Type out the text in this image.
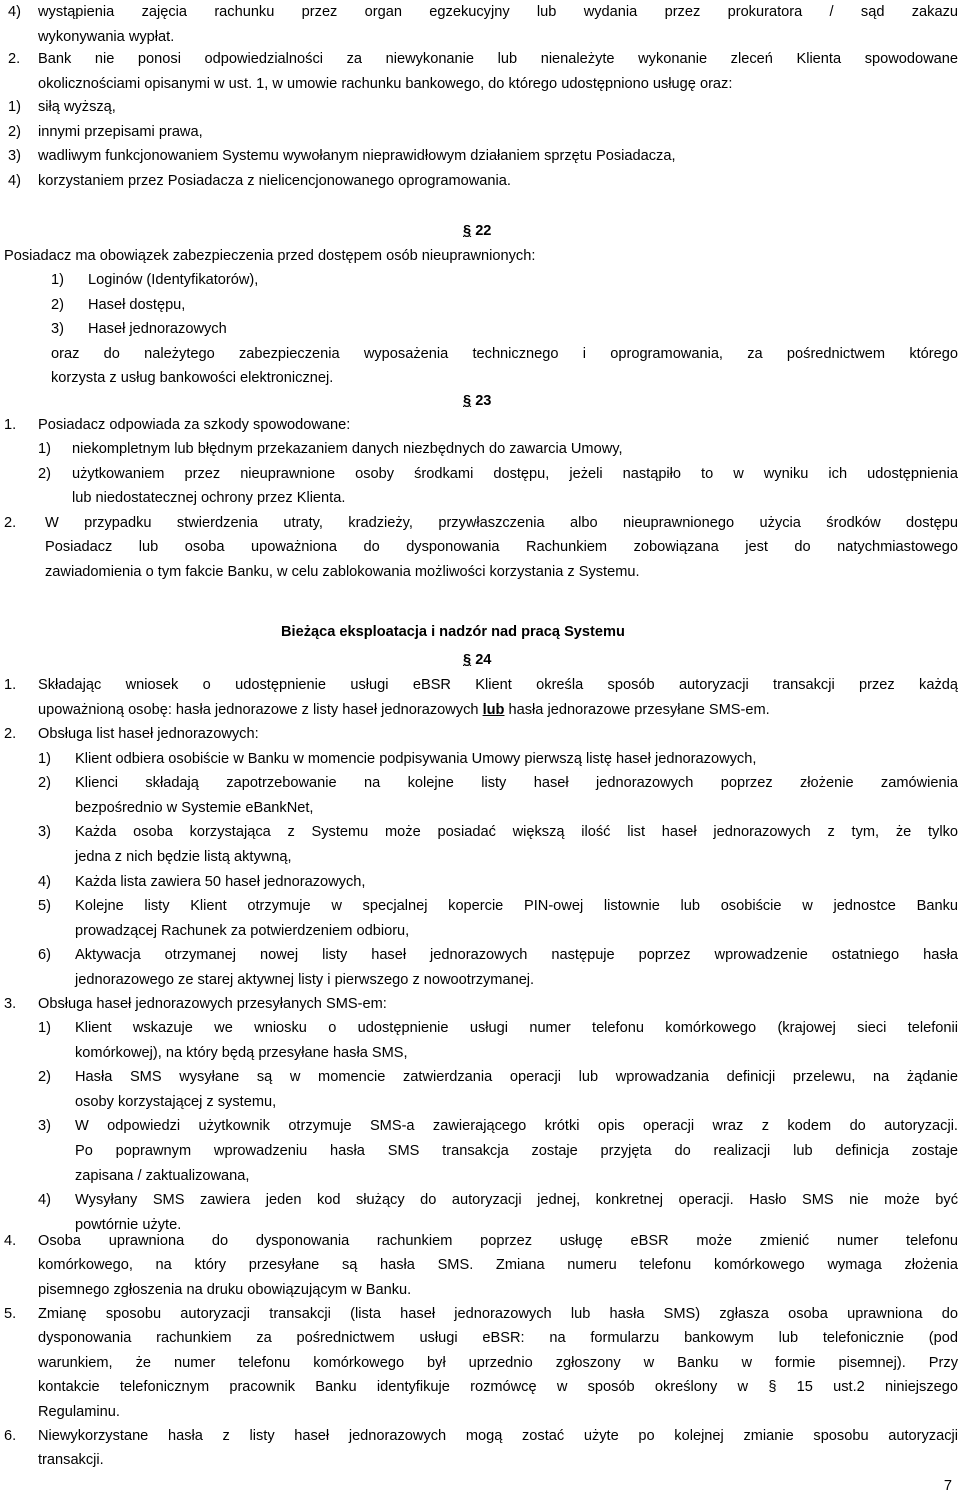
4) wystąpienia zajęcia rachunku przez organ egzekucyjny lub wydania przez prokuratora / sąd zakazu
wykonywania wypłat.
2. Bank nie ponosi odpowiedzialności za niewykonanie lub nienależyte wykonanie zleceń Klienta spowodowane
okolicznościami opisanymi w ust. 1, w umowie rachunku bankowego, do którego udostępniono usługę oraz:
1) siłą wyższą,
2) innymi przepisami prawa,
3) wadliwym funkcjonowaniem Systemu wywołanym nieprawidłowym działaniem sprzętu Posiadacza,
4) korzystaniem przez Posiadacza z nielicencjonowanego oprogramowania.
§ 22
Posiadacz ma obowiązek zabezpieczenia przed dostępem osób nieuprawnionych:
1) Loginów (Identyfikatorów),
2) Haseł dostępu,
3) Haseł jednorazowych
oraz do należytego zabezpieczenia wyposażenia technicznego i oprogramowania, za pośrednictwem którego
korzysta z usług bankowości elektronicznej.
§ 23
1. Posiadacz odpowiada za szkody spowodowane:
1) niekompletnym lub błędnym przekazaniem danych niezbędnych do zawarcia Umowy,
2) użytkowaniem przez nieuprawnione osoby środkami dostępu, jeżeli nastąpiło to w wyniku ich udostępnienia
lub niedostatecznej ochrony przez Klienta.
2. W przypadku stwierdzenia utraty, kradzieży, przywłaszczenia albo nieuprawnionego użycia środków dostępu
Posiadacz lub osoba upoważniona do dysponowania Rachunkiem zobowiązana jest do natychmiastowego
zawiadomienia o tym fakcie Banku, w celu zablokowania możliwości korzystania z Systemu.
Bieżąca eksploatacja i nadzór nad pracą Systemu
§ 24
1. Składając wniosek o udostępnienie usługi eBSR Klient określa sposób autoryzacji transakcji przez każdą
upoważnioną osobę: hasła jednorazowe z listy haseł jednorazowych lub hasła jednorazowe przesyłane SMS-em.
2. Obsługa list haseł jednorazowych:
1) Klient odbiera osobiście w Banku w momencie podpisywania Umowy pierwszą listę haseł jednorazowych,
2) Klienci składają zapotrzebowanie na kolejne listy haseł jednorazowych poprzez złożenie zamówienia
bezpośrednio w Systemie eBankNet,
3) Każda osoba korzystająca z Systemu może posiadać większą ilość list haseł jednorazowych z tym, że tylko
jedna z nich będzie listą aktywną,
4) Każda lista zawiera 50 haseł jednorazowych,
5) Kolejne listy Klient otrzymuje w specjalnej kopercie PIN-owej listownie lub osobiście w jednostce Banku
prowadzącej Rachunek za potwierdzeniem odbioru,
6) Aktywacja otrzymanej nowej listy haseł jednorazowych następuje poprzez wprowadzenie ostatniego hasła
jednorazowego ze starej aktywnej listy i pierwszego z nowootrzymanej.
3. Obsługa haseł jednorazowych przesyłanych SMS-em:
1) Klient wskazuje we wniosku o udostępnienie usługi numer telefonu komórkowego (krajowej sieci telefonii
komórkowej), na który będą przesyłane hasła SMS,
2) Hasła SMS wysyłane są w momencie zatwierdzania operacji lub wprowadzania definicji przelewu, na żądanie
osoby korzystającej z systemu,
3) W odpowiedzi użytkownik otrzymuje SMS-a zawierającego krótki opis operacji wraz z kodem do autoryzacji.
Po poprawnym wprowadzeniu hasła SMS transakcja zostaje przyjęta do realizacji lub definicja zostaje
zapisana / zaktualizowana,
4) Wysyłany SMS zawiera jeden kod służący do autoryzacji jednej, konkretnej operacji. Hasło SMS nie może być
powtórnie użyte.
4. Osoba uprawniona do dysponowania rachunkiem poprzez usługę eBSR może zmienić numer telefonu
komórkowego, na który przesyłane są hasła SMS. Zmiana numeru telefonu komórkowego wymaga złożenia
pisemnego zgłoszenia na druku obowiązującym w Banku.
5. Zmianę sposobu autoryzacji transakcji (lista haseł jednorazowych lub hasła SMS) zgłasza osoba uprawniona do
dysponowania rachunkiem za pośrednictwem usługi eBSR: na formularzu bankowym lub telefonicznie (pod
warunkiem, że numer telefonu komórkowego był uprzednio zgłoszony w Banku w formie pisemnej). Przy
kontakcie telefonicznym pracownik Banku identyfikuje rozmówcę w sposób określony w § 15 ust.2 niniejszego
Regulaminu.
6. Niewykorzystane hasła z listy haseł jednorazowych mogą zostać użyte po kolejnej zmianie sposobu autoryzacji
transakcji.
7
